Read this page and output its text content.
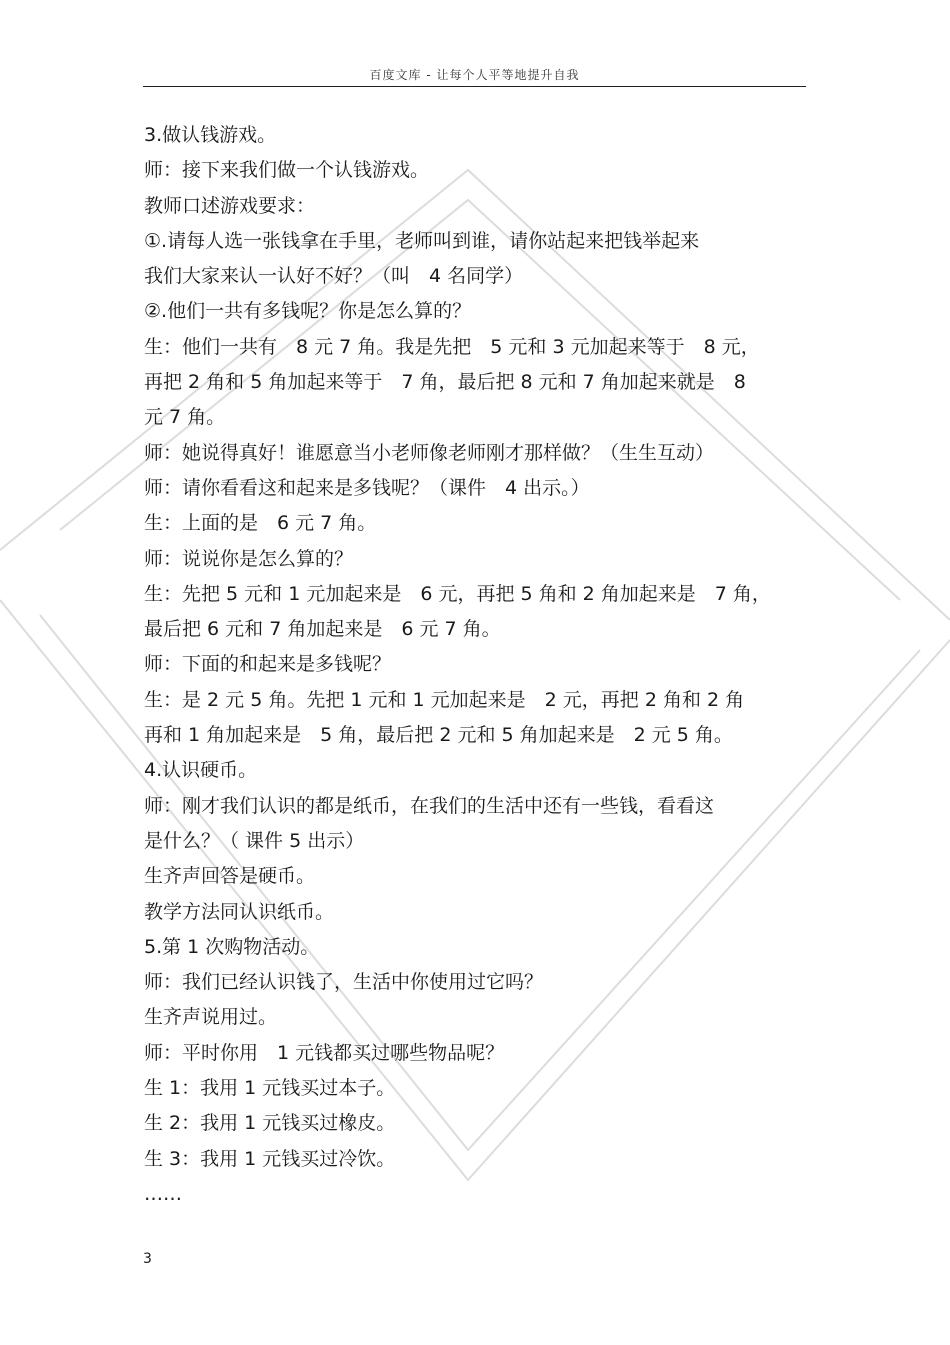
百度文库 - 让每个人平等地提升自我
3.做认钱游戏。
师：接下来我们做一个认钱游戏。
教师口述游戏要求：
①.请每人选一张钱拿在手里，老师叫到谁，请你站起来把钱举起来
我们大家来认一认好不好？（叫　4 名同学）
②.他们一共有多钱呢？你是怎么算的？
生：他们一共有　8 元 7 角。我是先把　5 元和 3 元加起来等于　8 元，
再把 2 角和 5 角加起来等于　7 角，最后把 8 元和 7 角加起来就是　8
元 7 角。
师：她说得真好！谁愿意当小老师像老师刚才那样做？（生生互动）
师：请你看看这和起来是多钱呢？（课件　4 出示。）
生：上面的是　6 元 7 角。
师：说说你是怎么算的？
生：先把 5 元和 1 元加起来是　6 元，再把 5 角和 2 角加起来是　7 角，
最后把 6 元和 7 角加起来是　6 元 7 角。
师：下面的和起来是多钱呢？
生：是 2 元 5 角。先把 1 元和 1 元加起来是　2 元，再把 2 角和 2 角
再和 1 角加起来是　5 角，最后把 2 元和 5 角加起来是　2 元 5 角。
4.认识硬币。
师：刚才我们认识的都是纸币，在我们的生活中还有一些钱，看看这
是什么？（ 课件 5 出示）
生齐声回答是硬币。
教学方法同认识纸币。
5.第 1 次购物活动。
师：我们已经认识钱了，生活中你使用过它吗？
生齐声说用过。
师：平时你用　1 元钱都买过哪些物品呢？
生 1：我用 1 元钱买过本子。
生 2：我用 1 元钱买过橡皮。
生 3：我用 1 元钱买过冷饮。
……
3
